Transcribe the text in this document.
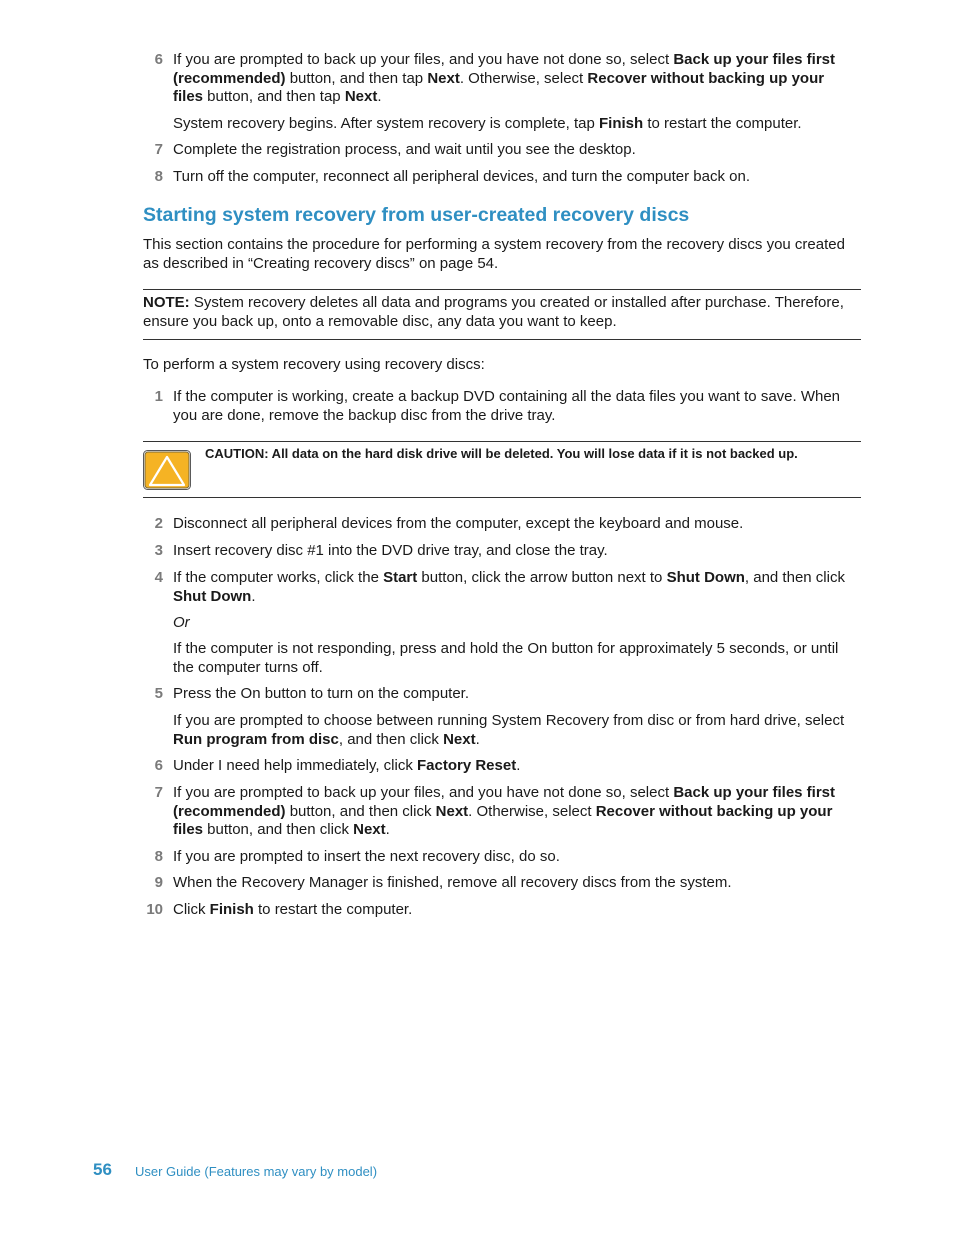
6 If you are prompted to back up your files, and you have not done so, select Back up your files first (recommended) button, and then tap Next. Otherwise, select Recover without backing up your files button, and then tap Next.
System recovery begins. After system recovery is complete, tap Finish to restart the computer.
7 Complete the registration process, and wait until you see the desktop.
8 Turn off the computer, reconnect all peripheral devices, and turn the computer back on.
Starting system recovery from user-created recovery discs
This section contains the procedure for performing a system recovery from the recovery discs you created as described in “Creating recovery discs” on page 54.
NOTE: System recovery deletes all data and programs you created or installed after purchase. Therefore, ensure you back up, onto a removable disc, any data you want to keep.
To perform a system recovery using recovery discs:
1 If the computer is working, create a backup DVD containing all the data files you want to save. When you are done, remove the backup disc from the drive tray.
CAUTION: All data on the hard disk drive will be deleted. You will lose data if it is not backed up.
2 Disconnect all peripheral devices from the computer, except the keyboard and mouse.
3 Insert recovery disc #1 into the DVD drive tray, and close the tray.
4 If the computer works, click the Start button, click the arrow button next to Shut Down, and then click Shut Down.
Or
If the computer is not responding, press and hold the On button for approximately 5 seconds, or until the computer turns off.
5 Press the On button to turn on the computer.
If you are prompted to choose between running System Recovery from disc or from hard drive, select Run program from disc, and then click Next.
6 Under I need help immediately, click Factory Reset.
7 If you are prompted to back up your files, and you have not done so, select Back up your files first (recommended) button, and then click Next. Otherwise, select Recover without backing up your files button, and then click Next.
8 If you are prompted to insert the next recovery disc, do so.
9 When the Recovery Manager is finished, remove all recovery discs from the system.
10 Click Finish to restart the computer.
56 User Guide (Features may vary by model)
